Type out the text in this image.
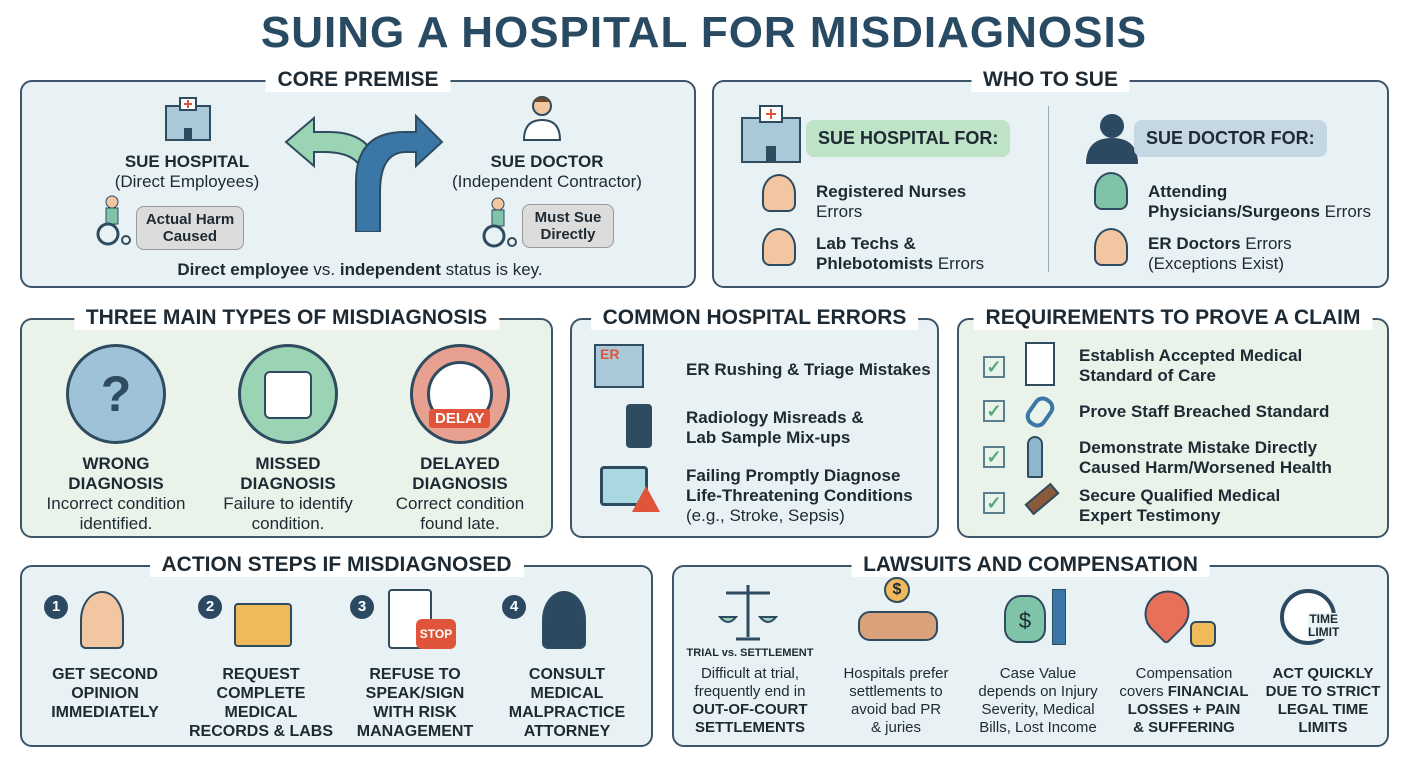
SUING A HOSPITAL FOR MISDIAGNOSIS
CORE PREMISE
SUE HOSPITAL
(Direct Employees)
Actual Harm Caused
SUE DOCTOR
(Independent Contractor)
Must Sue Directly
Direct employee vs. independent status is key.
WHO TO SUE
SUE HOSPITAL FOR:
Registered Nurses
Errors
Lab Techs &
Phlebotomists Errors
SUE DOCTOR FOR:
Attending
Physicians/Surgeons Errors
ER Doctors Errors
(Exceptions Exist)
THREE MAIN TYPES OF MISDIAGNOSIS
?	DELAY
WRONG
DIAGNOSIS
Incorrect condition
identified.
MISSED
DIAGNOSIS
Failure to identify
condition.
DELAYED
DIAGNOSIS
Correct condition
found late.
COMMON HOSPITAL ERRORS
ER
ER Rushing & Triage Mistakes
Radiology Misreads &
Lab Sample Mix-ups
Failing Promptly Diagnose
Life-Threatening Conditions
(e.g., Stroke, Sepsis)
REQUIREMENTS TO PROVE A CLAIM
✓
Establish Accepted Medical
Standard of Care
✓	Prove Staff Breached Standard
✓	Demonstrate Mistake Directly
Caused Harm/Worsened Health
✓	Secure Qualified Medical
Expert Testimony
ACTION STEPS IF MISDIAGNOSED
1
GET SECOND
OPINION
IMMEDIATELY
2
REQUEST
COMPLETE
MEDICAL
RECORDS & LABS
3
STOP
REFUSE TO
SPEAK/SIGN
WITH RISK
MANAGEMENT
4
CONSULT
MEDICAL
MALPRACTICE
ATTORNEY
LAWSUITS AND COMPENSATION
TRIAL vs. SETTLEMENT
Difficult at trial,
frequently end in
OUT-OF-COURT
SETTLEMENTS
$
Hospitals prefer
settlements to
avoid bad PR
& juries
$
Case Value
depends on Injury
Severity, Medical
Bills, Lost Income
Compensation
covers FINANCIAL
LOSSES + PAIN
& SUFFERING
TIME
LIMIT
ACT QUICKLY
DUE TO STRICT
LEGAL TIME
LIMITS
